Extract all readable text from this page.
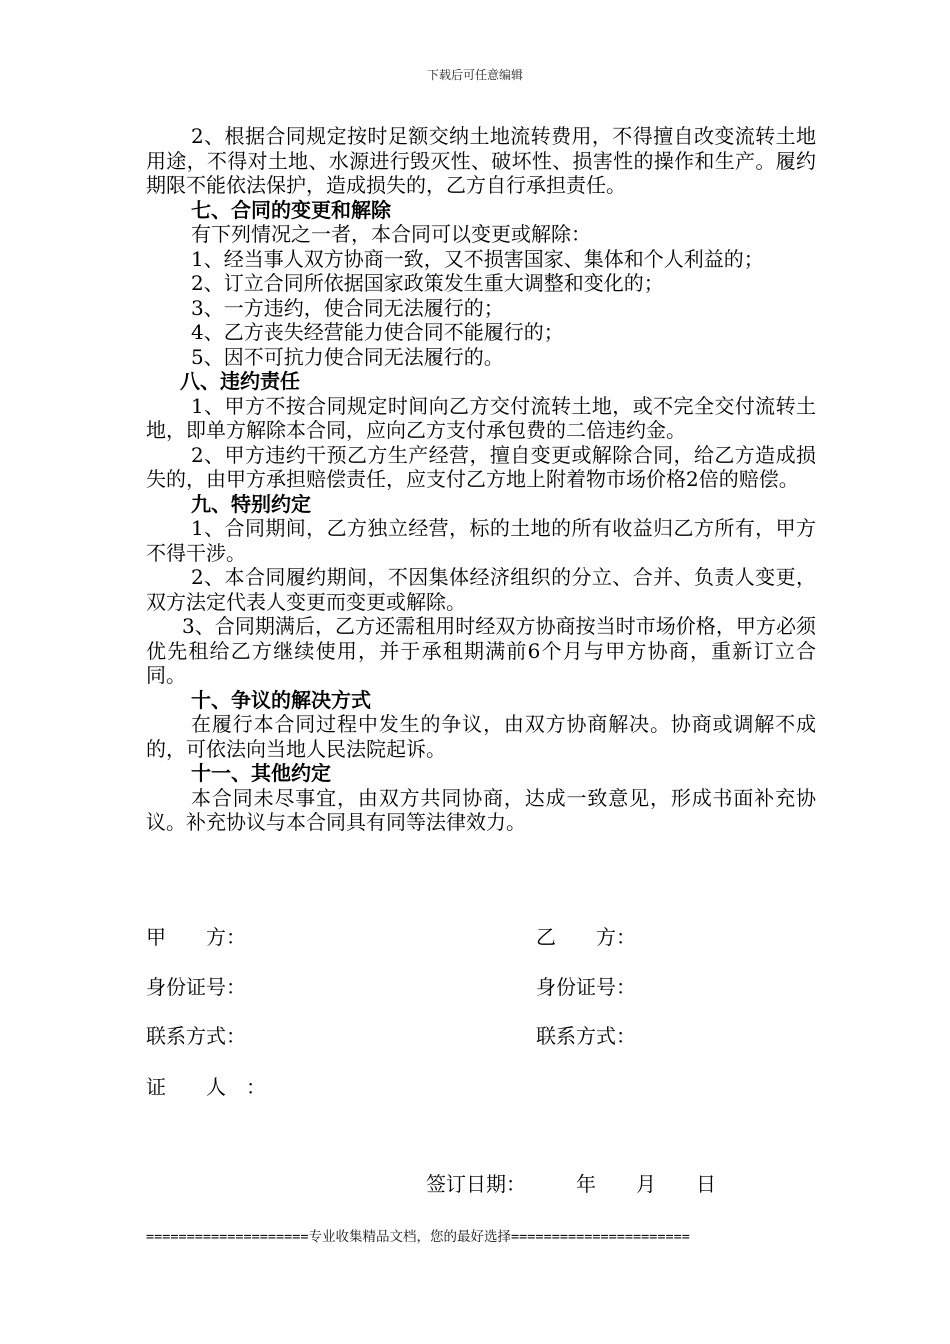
下载后可任意编辑

2、根据合同规定按时足额交纳土地流转费用，不得擅自改变流转土地用途，不得对土地、水源进行毁灭性、破坏性、损害性的操作和生产。履约期限不能依法保护，造成损失的，乙方自行承担责任。

七、合同的变更和解除

有下列情况之一者，本合同可以变更或解除：

1、经当事人双方协商一致，又不损害国家、集体和个人利益的；

2、订立合同所依据国家政策发生重大调整和变化的；

3、一方违约，使合同无法履行的；

4、乙方丧失经营能力使合同不能履行的；

5、因不可抗力使合同无法履行的。

八、违约责任

1、甲方不按合同规定时间向乙方交付流转土地，或不完全交付流转土地，即单方解除本合同，应向乙方支付承包费的二倍违约金。

2、甲方违约干预乙方生产经营，擅自变更或解除合同，给乙方造成损失的，由甲方承担赔偿责任，应支付乙方地上附着物市场价格2倍的赔偿。

九、特别约定

1、合同期间，乙方独立经营，标的土地的所有收益归乙方所有，甲方不得干涉。

2、本合同履约期间，不因集体经济组织的分立、合并、负责人变更，双方法定代表人变更而变更或解除。

3、合同期满后，乙方还需租用时经双方协商按当时市场价格，甲方必须优先租给乙方继续使用，并于承租期满前6个月与甲方协商，重新订立合同。

十、争议的解决方式

在履行本合同过程中发生的争议，由双方协商解决。协商或调解不成的，可依法向当地人民法院起诉。

十一、其他约定

本合同未尽事宜，由双方共同协商，达成一致意见，形成书面补充协议。补充协议与本合同具有同等法律效力。

甲　　方：	乙　　方：
身份证号：	身份证号：
联系方式：	联系方式：
证　　人　：
签订日期：　　　年　　月　　日
====================专业收集精品文档，您的最好选择======================
